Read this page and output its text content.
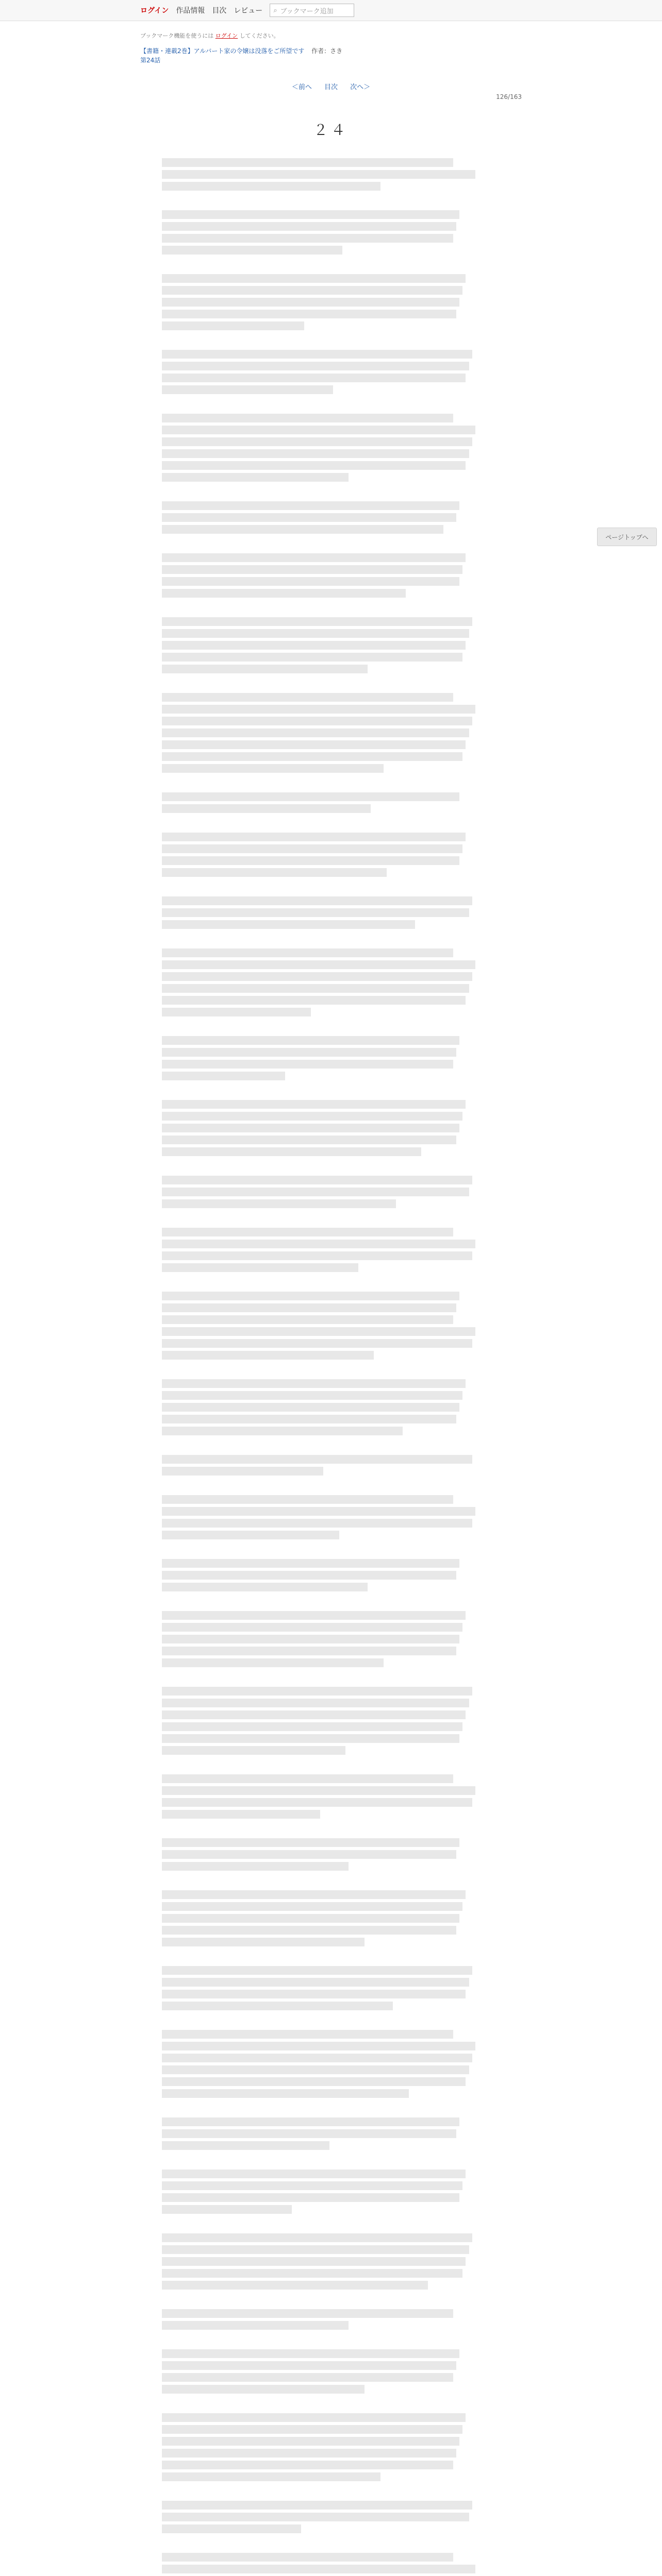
ログイン 作品情報 目次 レビュー ⌕ ブックマーク追加
ブックマーク機能を使うには ログイン してください。
【書籍・連載2巻】アルバート家の令嬢は没落をご所望です 作者：さき
第24話
＜前へ 目次 次へ＞
126/163
２４
ページトップへ
